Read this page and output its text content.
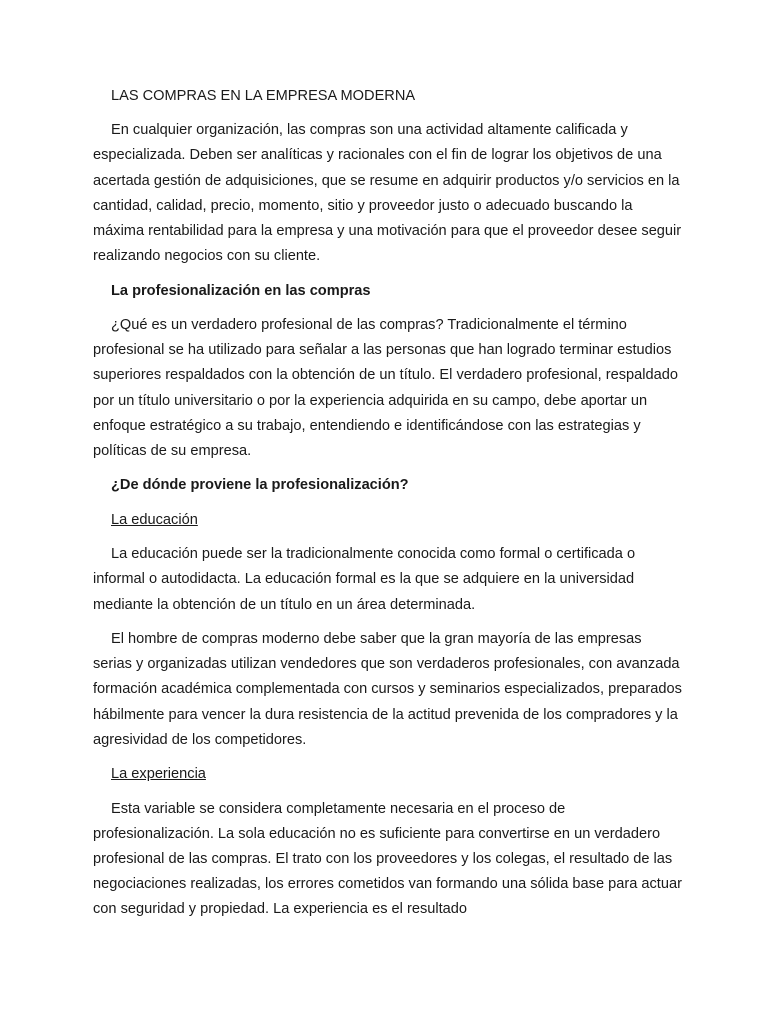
LAS COMPRAS EN LA EMPRESA MODERNA

En cualquier organización, las compras son una actividad altamente calificada y especializada. Deben ser analíticas y racionales con el fin de lograr los objetivos de una acertada gestión de adquisiciones, que se resume en adquirir productos y/o servicios en la cantidad, calidad, precio, momento, sitio y proveedor justo o adecuado buscando la máxima rentabilidad para la empresa y una motivación para que el proveedor desee seguir realizando negocios con su cliente.

La profesionalización en las compras

¿Qué es un verdadero profesional de las compras? Tradicionalmente el término profesional se ha utilizado para señalar a las personas que han logrado terminar estudios superiores respaldados con la obtención de un título. El verdadero profesional, respaldado por un título universitario o por la experiencia adquirida en su campo, debe aportar un enfoque estratégico a su trabajo, entendiendo e identificándose con las estrategias y políticas de su empresa.

¿De dónde proviene la profesionalización?

La educación

La educación puede ser la tradicionalmente conocida como formal o certificada o informal o autodidacta. La educación formal es la que se adquiere en la universidad mediante la obtención de un título en un área determinada.

El hombre de compras moderno debe saber que la gran mayoría de las empresas serias y organizadas utilizan vendedores que son verdaderos profesionales, con avanzada formación académica complementada con cursos y seminarios especializados, preparados hábilmente para vencer la dura resistencia de la actitud prevenida de los compradores y la agresividad de los competidores.

La experiencia

Esta variable se considera completamente necesaria en el proceso de profesionalización. La sola educación no es suficiente para convertirse en un verdadero profesional de las compras. El trato con los proveedores y los colegas, el resultado de las negociaciones realizadas, los errores cometidos van formando una sólida base para actuar con seguridad y propiedad. La experiencia es el resultado
